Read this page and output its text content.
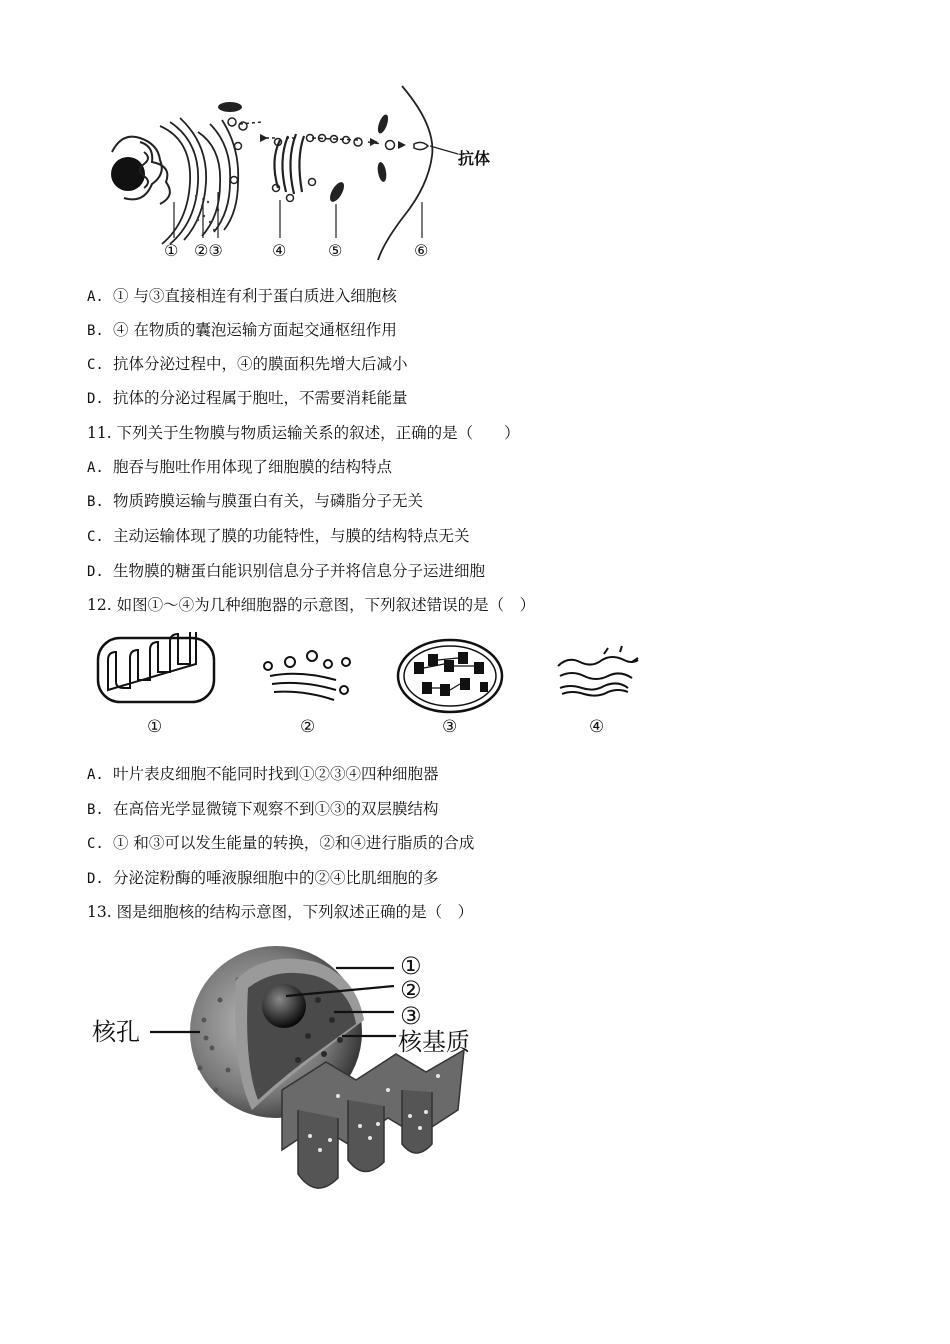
抗体
① ②③	④	⑤	⑥
A. ① 与③直接相连有利于蛋白质进入细胞核
B. ④ 在物质的囊泡运输方面起交通枢纽作用
C. 抗体分泌过程中，④的膜面积先增大后减小
D. 抗体的分泌过程属于胞吐，不需要消耗能量
11. 下列关于生物膜与物质运输关系的叙述，正确的是（　　）
A. 胞吞与胞吐作用体现了细胞膜的结构特点
B. 物质跨膜运输与膜蛋白有关，与磷脂分子无关
C. 主动运输体现了膜的功能特性，与膜的结构特点无关
D. 生物膜的糖蛋白能识别信息分子并将信息分子运进细胞
12. 如图①～④为几种细胞器的示意图，下列叙述错误的是（　）
①	②	③	④
A. 叶片表皮细胞不能同时找到①②③④四种细胞器
B. 在高倍光学显微镜下观察不到①③的双层膜结构
C. ① 和③可以发生能量的转换，②和④进行脂质的合成
D. 分泌淀粉酶的唾液腺细胞中的②④比肌细胞的多
13. 图是细胞核的结构示意图，下列叙述正确的是（　）
①
②
③
核孔	核基质
